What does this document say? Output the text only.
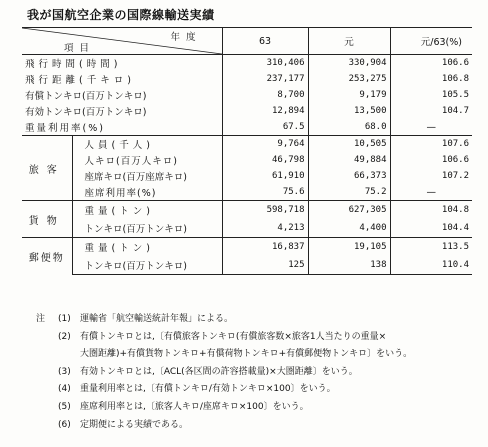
我が国航空企業の国際線輸送実績
年度
項目		63	元	元/63(%)
飛行時間(時間)		310,406	330,904	106.6
飛行距離(千キロ)		237,177	253,275	106.8
有償トンキロ(百万トンキロ)		8,700	9,179	105.5
有効トンキロ(百万トンキロ)		12,894	13,500	104.7
重量利用率(%)		67.5	68.0	—
旅客	人員(千人)	9,764	10,505	107.6
	人キロ(百万人キロ)	46,798	49,884	106.6
	座席キロ(百万座席キロ)	61,910	66,373	107.2
	座席利用率(%)	75.6	75.2	—
貨物	重量(トン)	598,718	627,305	104.8
	トンキロ(百万トンキロ)	4,213	4,400	104.4
郵便物	重量(トン)	16,837	19,105	113.5
	トンキロ(百万トンキロ)	125	138	110.4
注	(1)	運輸省「航空輸送統計年報」による。
(2)	有償トンキロとは,〔有償旅客トンキロ(有償旅客数×旅客1人当たりの重量×
大圏距離)+有償貨物トンキロ+有償荷物トンキロ+有償郵便物トンキロ〕をいう。
(3)	有効トンキロとは,〔ACL(各区間の許容搭載量)×大圏距離〕をいう。
(4)	重量利用率とは,〔有償トンキロ/有効トンキロ×100〕をいう。
(5)	座席利用率とは,〔旅客人キロ/座席キロ×100〕をいう。
(6)	定期便による実績である。
